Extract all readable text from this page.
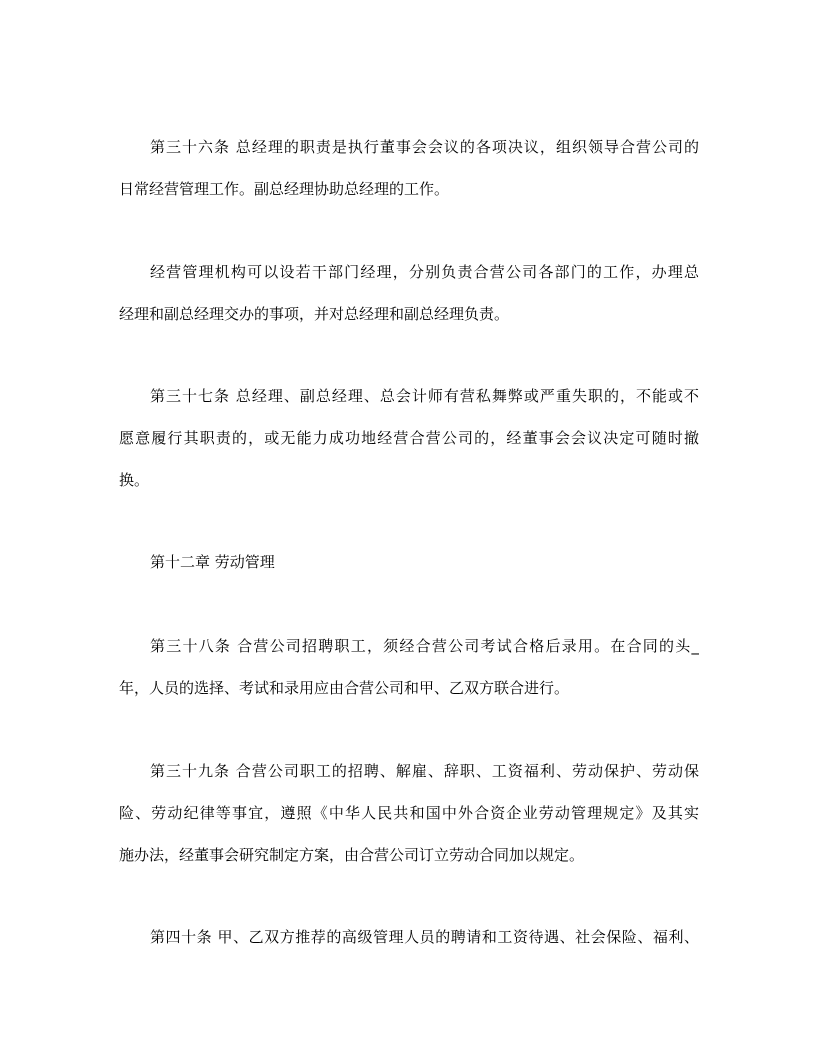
第三十六条 总经理的职责是执行董事会会议的各项决议，组织领导合营公司的
日常经营管理工作。副总经理协助总经理的工作。
经营管理机构可以设若干部门经理，分别负责合营公司各部门的工作，办理总
经理和副总经理交办的事项，并对总经理和副总经理负责。
第三十七条 总经理、副总经理、总会计师有营私舞弊或严重失职的，不能或不
愿意履行其职责的，或无能力成功地经营合营公司的，经董事会会议决定可随时撤
换。
第十二章 劳动管理
第三十八条 合营公司招聘职工，须经合营公司考试合格后录用。在合同的头_
年，人员的选择、考试和录用应由合营公司和甲、乙双方联合进行。
第三十九条 合营公司职工的招聘、解雇、辞职、工资福利、劳动保护、劳动保
险、劳动纪律等事宜，遵照《中华人民共和国中外合资企业劳动管理规定》及其实
施办法，经董事会研究制定方案，由合营公司订立劳动合同加以规定。
第四十条 甲、乙双方推荐的高级管理人员的聘请和工资待遇、社会保险、福利、
